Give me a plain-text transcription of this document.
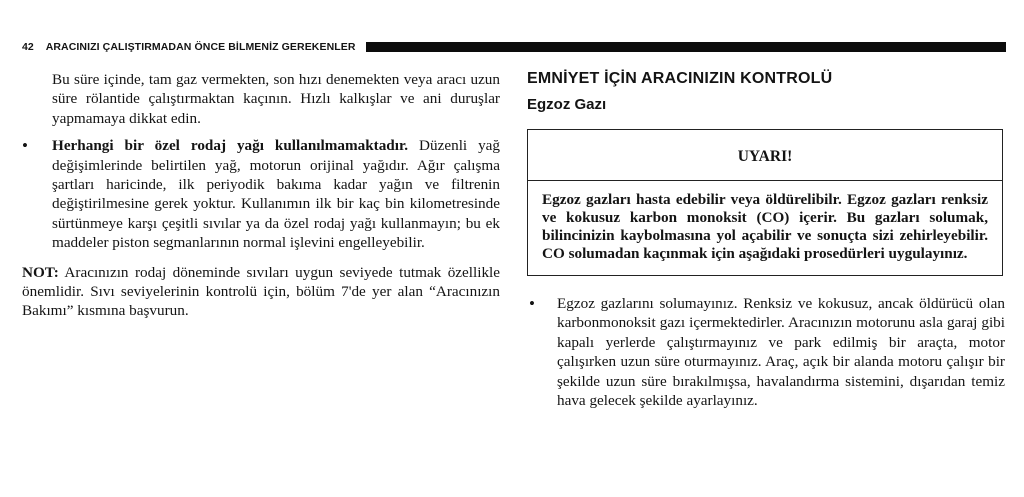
42 ARACINIZI ÇALIŞTIRMADAN ÖNCE BİLMENİZ GEREKENLER

Bu süre içinde, tam gaz vermekten, son hızı denemekten veya aracı uzun süre rölantide çalıştırmaktan kaçının. Hızlı kalkışlar ve ani duruşlar yapmamaya dikkat edin.

•	Herhangi bir özel rodaj yağı kullanılmamaktadır. Düzenli yağ değişimlerinde belirtilen yağ, motorun orijinal yağıdır. Ağır çalışma şartları haricinde, ilk periyodik bakıma kadar yağın ve filtrenin değiştirilmesine gerek yoktur. Kullanımın ilk bir kaç bin kilometresinde sürtünmeye karşı çeşitli sıvılar ya da özel rodaj yağı kullanmayın; bu ek maddeler piston segmanlarının normal işlevini engelleyebilir.

NOT: Aracınızın rodaj döneminde sıvıları uygun seviyede tutmak özellikle önemlidir. Sıvı seviyelerinin kontrolü için, bölüm 7'de yer alan “Aracınızın Bakımı” kısmına başvurun.

EMNİYET İÇİN ARACINIZIN KONTROLÜ
Egzoz Gazı
UYARI!
Egzoz gazları hasta edebilir veya öldürelibilr. Egzoz gazları renksiz ve kokusuz karbon monoksit (CO) içerir. Bu gazları solumak, bilincinizin kaybolmasına yol açabilir ve sonuçta sizi zehirleyebilir. CO solumadan kaçınmak için aşağıdaki prosedürleri uygulayınız.
•	Egzoz gazlarını solumayınız. Renksiz ve kokusuz, ancak öldürücü olan karbonmonoksit gazı içermektedirler. Aracınızın motorunu asla garaj gibi kapalı yerlerde çalıştırmayınız ve park edilmiş bir araçta, motor çalışırken uzun süre oturmayınız. Araç, açık bir alanda motoru çalışır bir şekilde uzun süre bırakılmışsa, havalandırma sistemini, dışarıdan temiz hava gelecek şekilde ayarlayınız.
